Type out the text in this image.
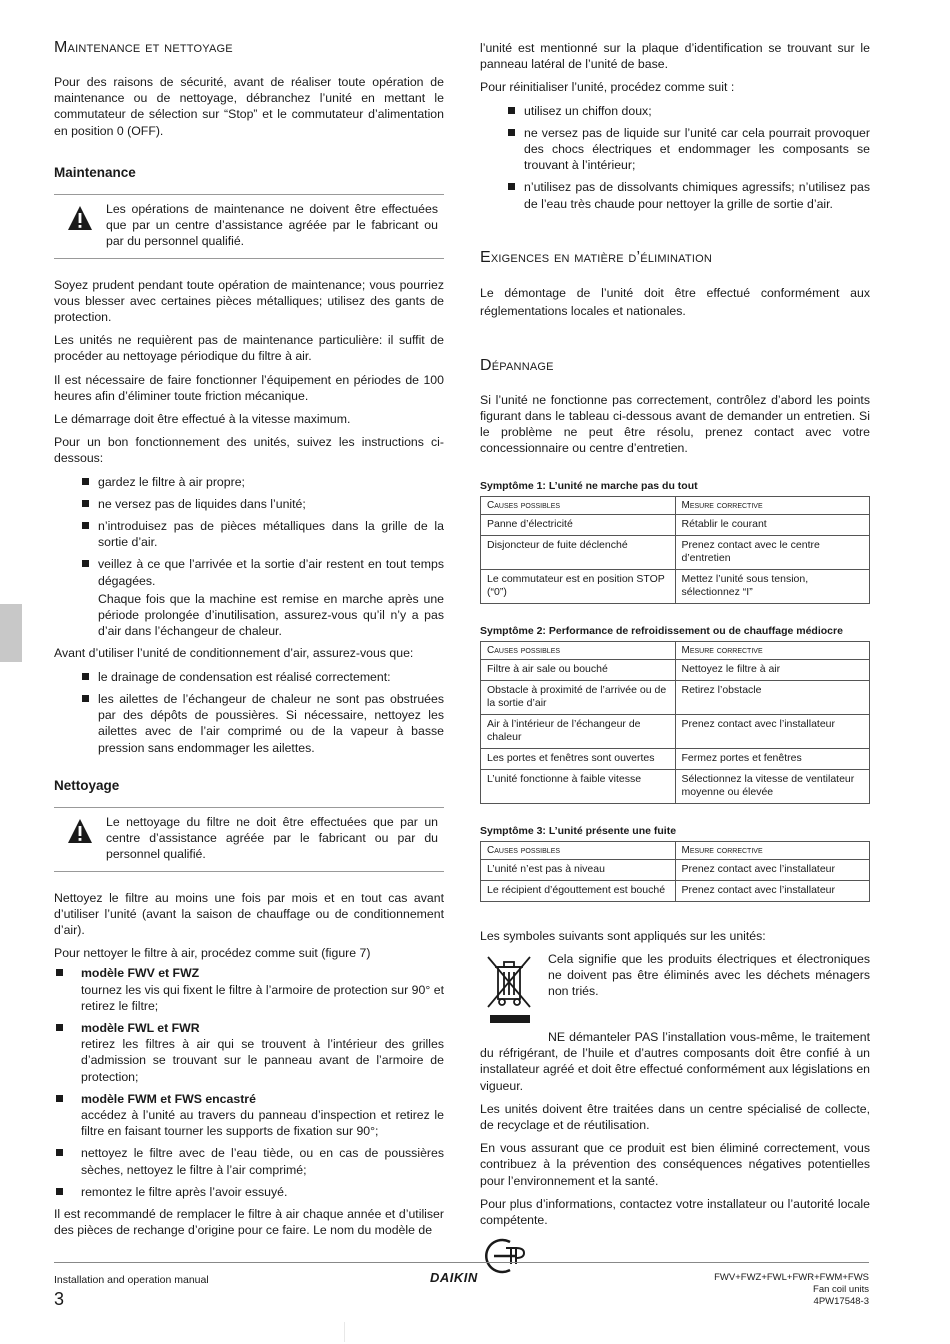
Maintenance et nettoyage

Pour des raisons de sécurité, avant de réaliser toute opération de maintenance ou de nettoyage, débranchez l’unité en mettant le commutateur de sélection sur “Stop” et le commutateur d’alimentation en position 0 (OFF).

Maintenance
Les opérations de maintenance ne doivent être effectuées que par un centre d’assistance agréée par le fabricant ou par du personnel qualifié.

Soyez prudent pendant toute opération de maintenance; vous pourriez vous blesser avec certaines pièces métalliques; utilisez des gants de protection.

Les unités ne requièrent pas de maintenance particulière: il suffit de procéder au nettoyage périodique du filtre à air.

Il est nécessaire de faire fonctionner l’équipement en périodes de 100 heures afin d’éliminer toute friction mécanique.

Le démarrage doit être effectué à la vitesse maximum.

Pour un bon fonctionnement des unités, suivez les instructions ci-dessous:

gardez le filtre à air propre;
ne versez pas de liquides dans l’unité;
n’introduisez pas de pièces métalliques dans la grille de la sortie d’air.
veillez à ce que l’arrivée et la sortie d’air restent en tout temps dégagées.
Chaque fois que la machine est remise en marche après une période prolongée d’inutilisation, assurez-vous qu’il n’y a pas d’air dans l’échangeur de chaleur.

Avant d’utiliser l’unité de conditionnement d’air, assurez-vous que:

le drainage de condensation est réalisé correctement:
les ailettes de l’échangeur de chaleur ne sont pas obstruées par des dépôts de poussières. Si nécessaire, nettoyez les ailettes avec de l’air comprimé ou de la vapeur à basse pression sans endommager les ailettes.
Nettoyage
Le nettoyage du filtre ne doit être effectuées que par un centre d’assistance agréée par le fabricant ou par du personnel qualifié.

Nettoyez le filtre au moins une fois par mois et en tout cas avant d’utiliser l’unité (avant la saison de chauffage ou de conditionnement d’air).

Pour nettoyer le filtre à air, procédez comme suit (figure 7)

modèle FWV et FWZ
tournez les vis qui fixent le filtre à l’armoire de protection sur 90° et retirez le filtre;
modèle FWL et FWR
retirez les filtres à air qui se trouvent à l’intérieur des grilles d’admission se trouvant sur le panneau avant de l’armoire de protection;
modèle FWM et FWS encastré
accédez à l’unité au travers du panneau d’inspection et retirez le filtre en faisant tourner les supports de fixation sur 90°;
nettoyez le filtre avec de l’eau tiède, ou en cas de poussières sèches, nettoyez le filtre à l’air comprimé;
remontez le filtre après l’avoir essuyé.

Il est recommandé de remplacer le filtre à air chaque année et d’utiliser des pièces de rechange d’origine pour ce faire. Le nom du modèle de

l’unité est mentionné sur la plaque d’identification se trouvant sur le panneau latéral de l’unité de base.

Pour réinitialiser l’unité, procédez comme suit :

utilisez un chiffon doux;
ne versez pas de liquide sur l’unité car cela pourrait provoquer des chocs électriques et endommager les composants se trouvant à l’intérieur;
n’utilisez pas de dissolvants chimiques agressifs; n’utilisez pas de l’eau très chaude pour nettoyer la grille de sortie d’air.
Exigences en matière d’élimination

Le démontage de l’unité doit être effectué conformément aux réglementations locales et nationales.

Dépannage

Si l’unité ne fonctionne pas correctement, contrôlez d’abord les points figurant dans le tableau ci-dessous avant de demander un entretien. Si le problème ne peut être résolu, prenez contact avec votre concessionnaire ou centre d’entretien.

Symptôme 1: L’unité ne marche pas du tout
Causes possibles	Mesure corrective
Panne d’électricité	Rétablir le courant
Disjoncteur de fuite déclenché	Prenez contact avec le centre d’entretien
Le commutateur est en position STOP (“0”)	Mettez l’unité sous tension, sélectionnez “I”
Symptôme 2: Performance de refroidissement ou de chauffage médiocre
Causes possibles	Mesure corrective
Filtre à air sale ou bouché	Nettoyez le filtre à air
Obstacle à proximité de l’arrivée ou de la sortie d’air	Retirez l’obstacle
Air à l’intérieur de l’échangeur de chaleur	Prenez contact avec l’installateur
Les portes et fenêtres sont ouvertes	Fermez portes et fenêtres
L’unité fonctionne à faible vitesse	Sélectionnez la vitesse de ventilateur moyenne ou élevée
Symptôme 3: L’unité présente une fuite
Causes possibles	Mesure corrective
L’unité n’est pas à niveau	Prenez contact avec l’installateur
Le récipient d’égouttement est bouché	Prenez contact avec l’installateur

Les symboles suivants sont appliqués sur les unités:

Cela signifie que les produits électriques et électroniques ne doivent pas être éliminés avec les déchets ménagers non triés.

NE démanteler PAS l’installation vous-même, le traitement du réfrigérant, de l’huile et d’autres composants doit être confié à un installateur agréé et doit être effectué conformément aux législations en vigueur.

Les unités doivent être traitées dans un centre spécialisé de collecte, de recyclage et de réutilisation.

En vous assurant que ce produit est bien éliminé correctement, vous contribuez à la prévention des conséquences négatives potentielles pour l’environnement et la santé.

Pour plus d’informations, contactez votre installateur ou l’autorité locale compétente.

Installation and operation manual
3
DAIKIN	FWV+FWZ+FWL+FWR+FWM+FWS
Fan coil units
4PW17548-3
